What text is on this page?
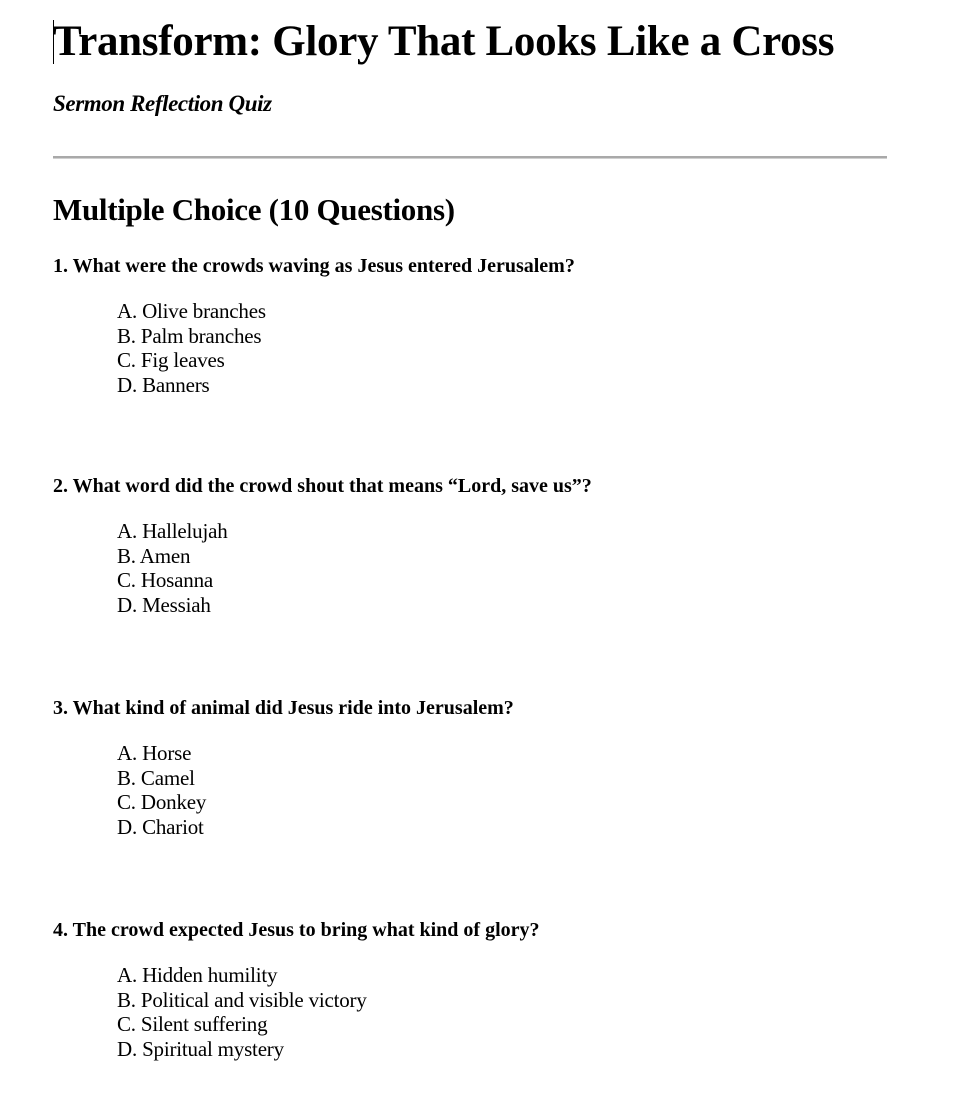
Transform: Glory That Looks Like a Cross

Sermon Reflection Quiz

Multiple Choice (10 Questions)

1. What were the crowds waving as Jesus entered Jerusalem?

A. Olive branches
B. Palm branches
C. Fig leaves
D. Banners

2. What word did the crowd shout that means “Lord, save us”?

A. Hallelujah
B. Amen
C. Hosanna
D. Messiah

3. What kind of animal did Jesus ride into Jerusalem?

A. Horse
B. Camel
C. Donkey
D. Chariot

4. The crowd expected Jesus to bring what kind of glory?

A. Hidden humility
B. Political and visible victory
C. Silent suffering
D. Spiritual mystery
